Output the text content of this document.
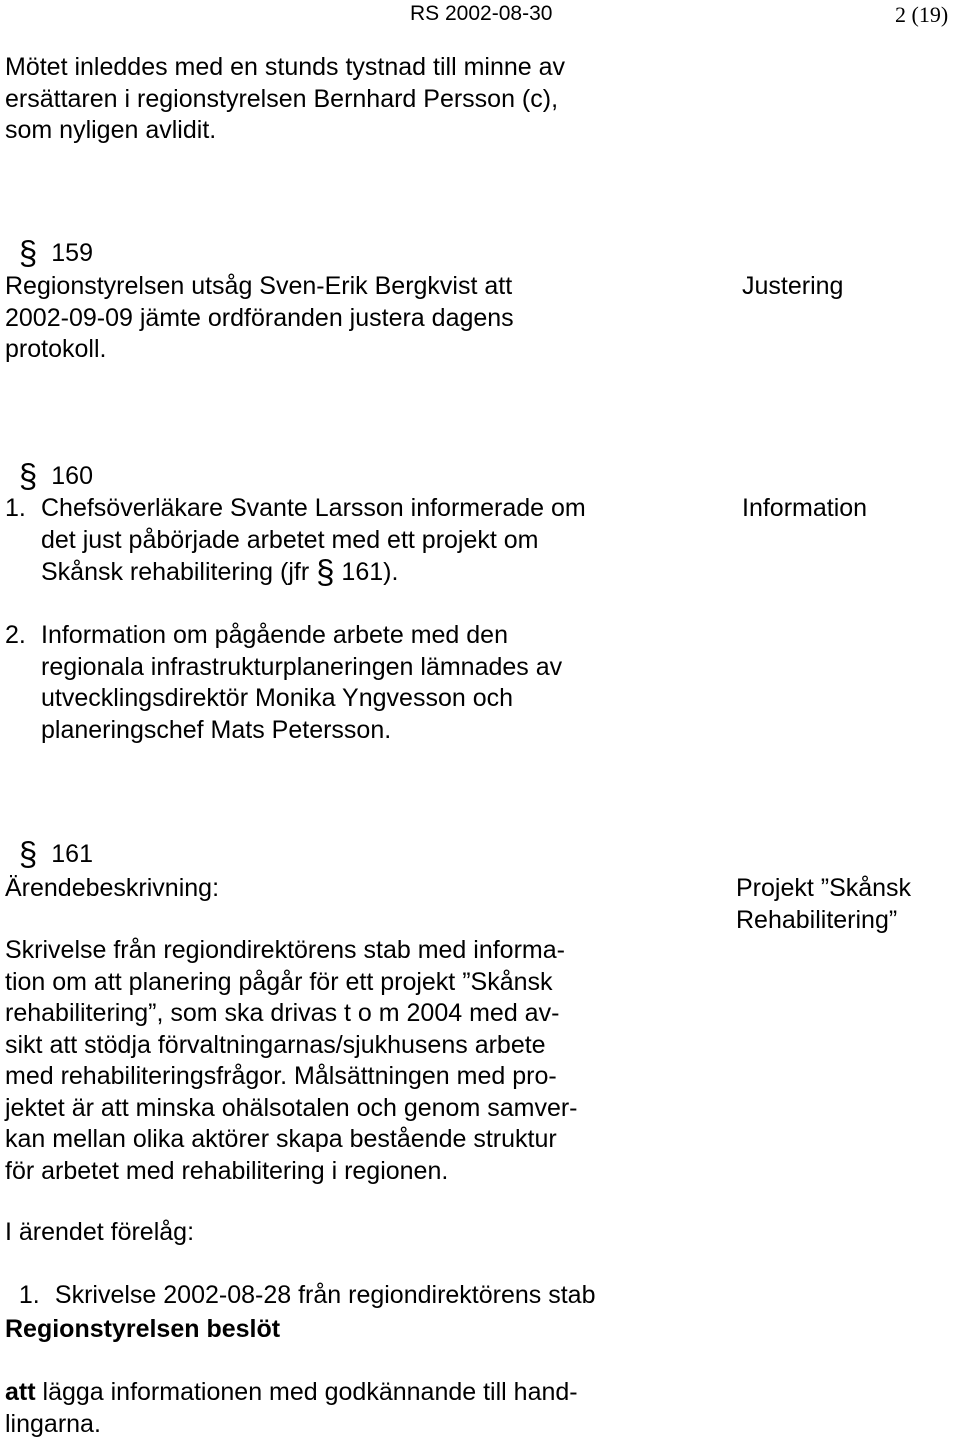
RS 2002-08-30	2 (19)
Mötet inleddes med en stunds tystnad till minne av
ersättaren i regionstyrelsen Bernhard Persson (c),
som nyligen avlidit.

§ 159

Regionstyrelsen utsåg Sven-Erik Bergkvist att
2002-09-09 jämte ordföranden justera dagens
protokoll.
Justering

§ 160

1. Chefsöverläkare Svante Larsson informerade om
det just påbörjade arbetet med ett projekt om
Skånsk rehabilitering (jfr § 161).
Information
2. Information om pågående arbete med den
regionala infrastrukturplaneringen lämnades av
utvecklingsdirektör Monika Yngvesson och
planeringschef Mats Petersson.

§ 161

Ärendebeskrivning:	Projekt ”Skånsk
Rehabilitering”
Skrivelse från regiondirektörens stab med informa-
tion om att planering pågår för ett projekt ”Skånsk
rehabilitering”, som ska drivas t o m 2004 med av-
sikt att stödja förvaltningarnas/sjukhusens arbete
med rehabiliteringsfrågor. Målsättningen med pro-
jektet är att minska ohälsotalen och genom samver-
kan mellan olika aktörer skapa bestående struktur
för arbetet med rehabilitering i regionen.
I ärendet förelåg:

1. Skrivelse 2002-08-28 från regiondirektörens stab

Regionstyrelsen beslöt
att lägga informationen med godkännande till hand-
lingarna.
